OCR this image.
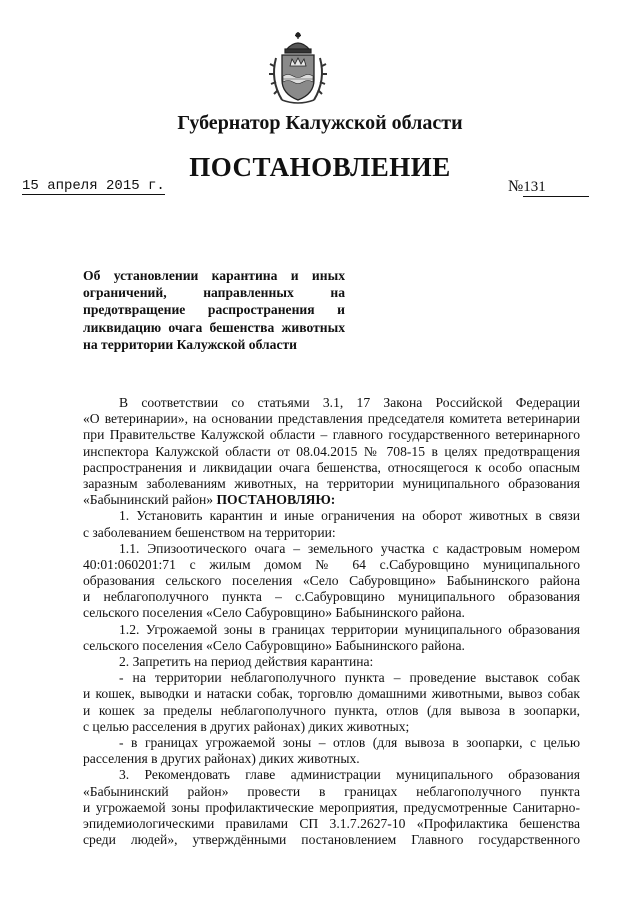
Губернатор Калужской области
ПОСТАНОВЛЕНИЕ
15 апреля 2015 г.	№131
Об установлении карантина и иных
ограничений, направленных на
предотвращение распространения и
ликвидацию очага бешенства животных
на территории Калужской области
В соответствии со статьями 3.1, 17 Закона Российской Федерации
«О ветеринарии», на основании представления председателя комитета ветеринарии
при Правительстве Калужской области – главного государственного ветеринарного
инспектора Калужской области от 08.04.2015 № 708-15 в целях предотвращения
распространения и ликвидации очага бешенства, относящегося к особо опасным
заразным заболеваниям животных, на территории муниципального образования
«Бабынинский район» ПОСТАНОВЛЯЮ:
1. Установить карантин и иные ограничения на оборот животных в связи
с заболеванием бешенством на территории:
1.1. Эпизоотического очага – земельного участка с кадастровым номером
40:01:060201:71 с жилым домом № 64 с.Сабуровщино муниципального
образования сельского поселения «Село Сабуровщино» Бабынинского района
и неблагополучного пункта – с.Сабуровщино муниципального образования
сельского поселения «Село Сабуровщино» Бабынинского района.
1.2. Угрожаемой зоны в границах территории муниципального образования
сельского поселения «Село Сабуровщино» Бабынинского района.
2. Запретить на период действия карантина:
- на территории неблагополучного пункта – проведение выставок собак
и кошек, выводки и натаски собак, торговлю домашними животными, вывоз собак
и кошек за пределы неблагополучного пункта, отлов (для вывоза в зоопарки,
с целью расселения в других районах) диких животных;
- в границах угрожаемой зоны – отлов (для вывоза в зоопарки, с целью
расселения в других районах) диких животных.
3. Рекомендовать главе администрации муниципального образования
«Бабынинский район» провести в границах неблагополучного пункта
и угрожаемой зоны профилактические мероприятия, предусмотренные Санитарно-
эпидемиологическими правилами СП 3.1.7.2627-10 «Профилактика бешенства
среди людей», утверждёнными постановлением Главного государственного
